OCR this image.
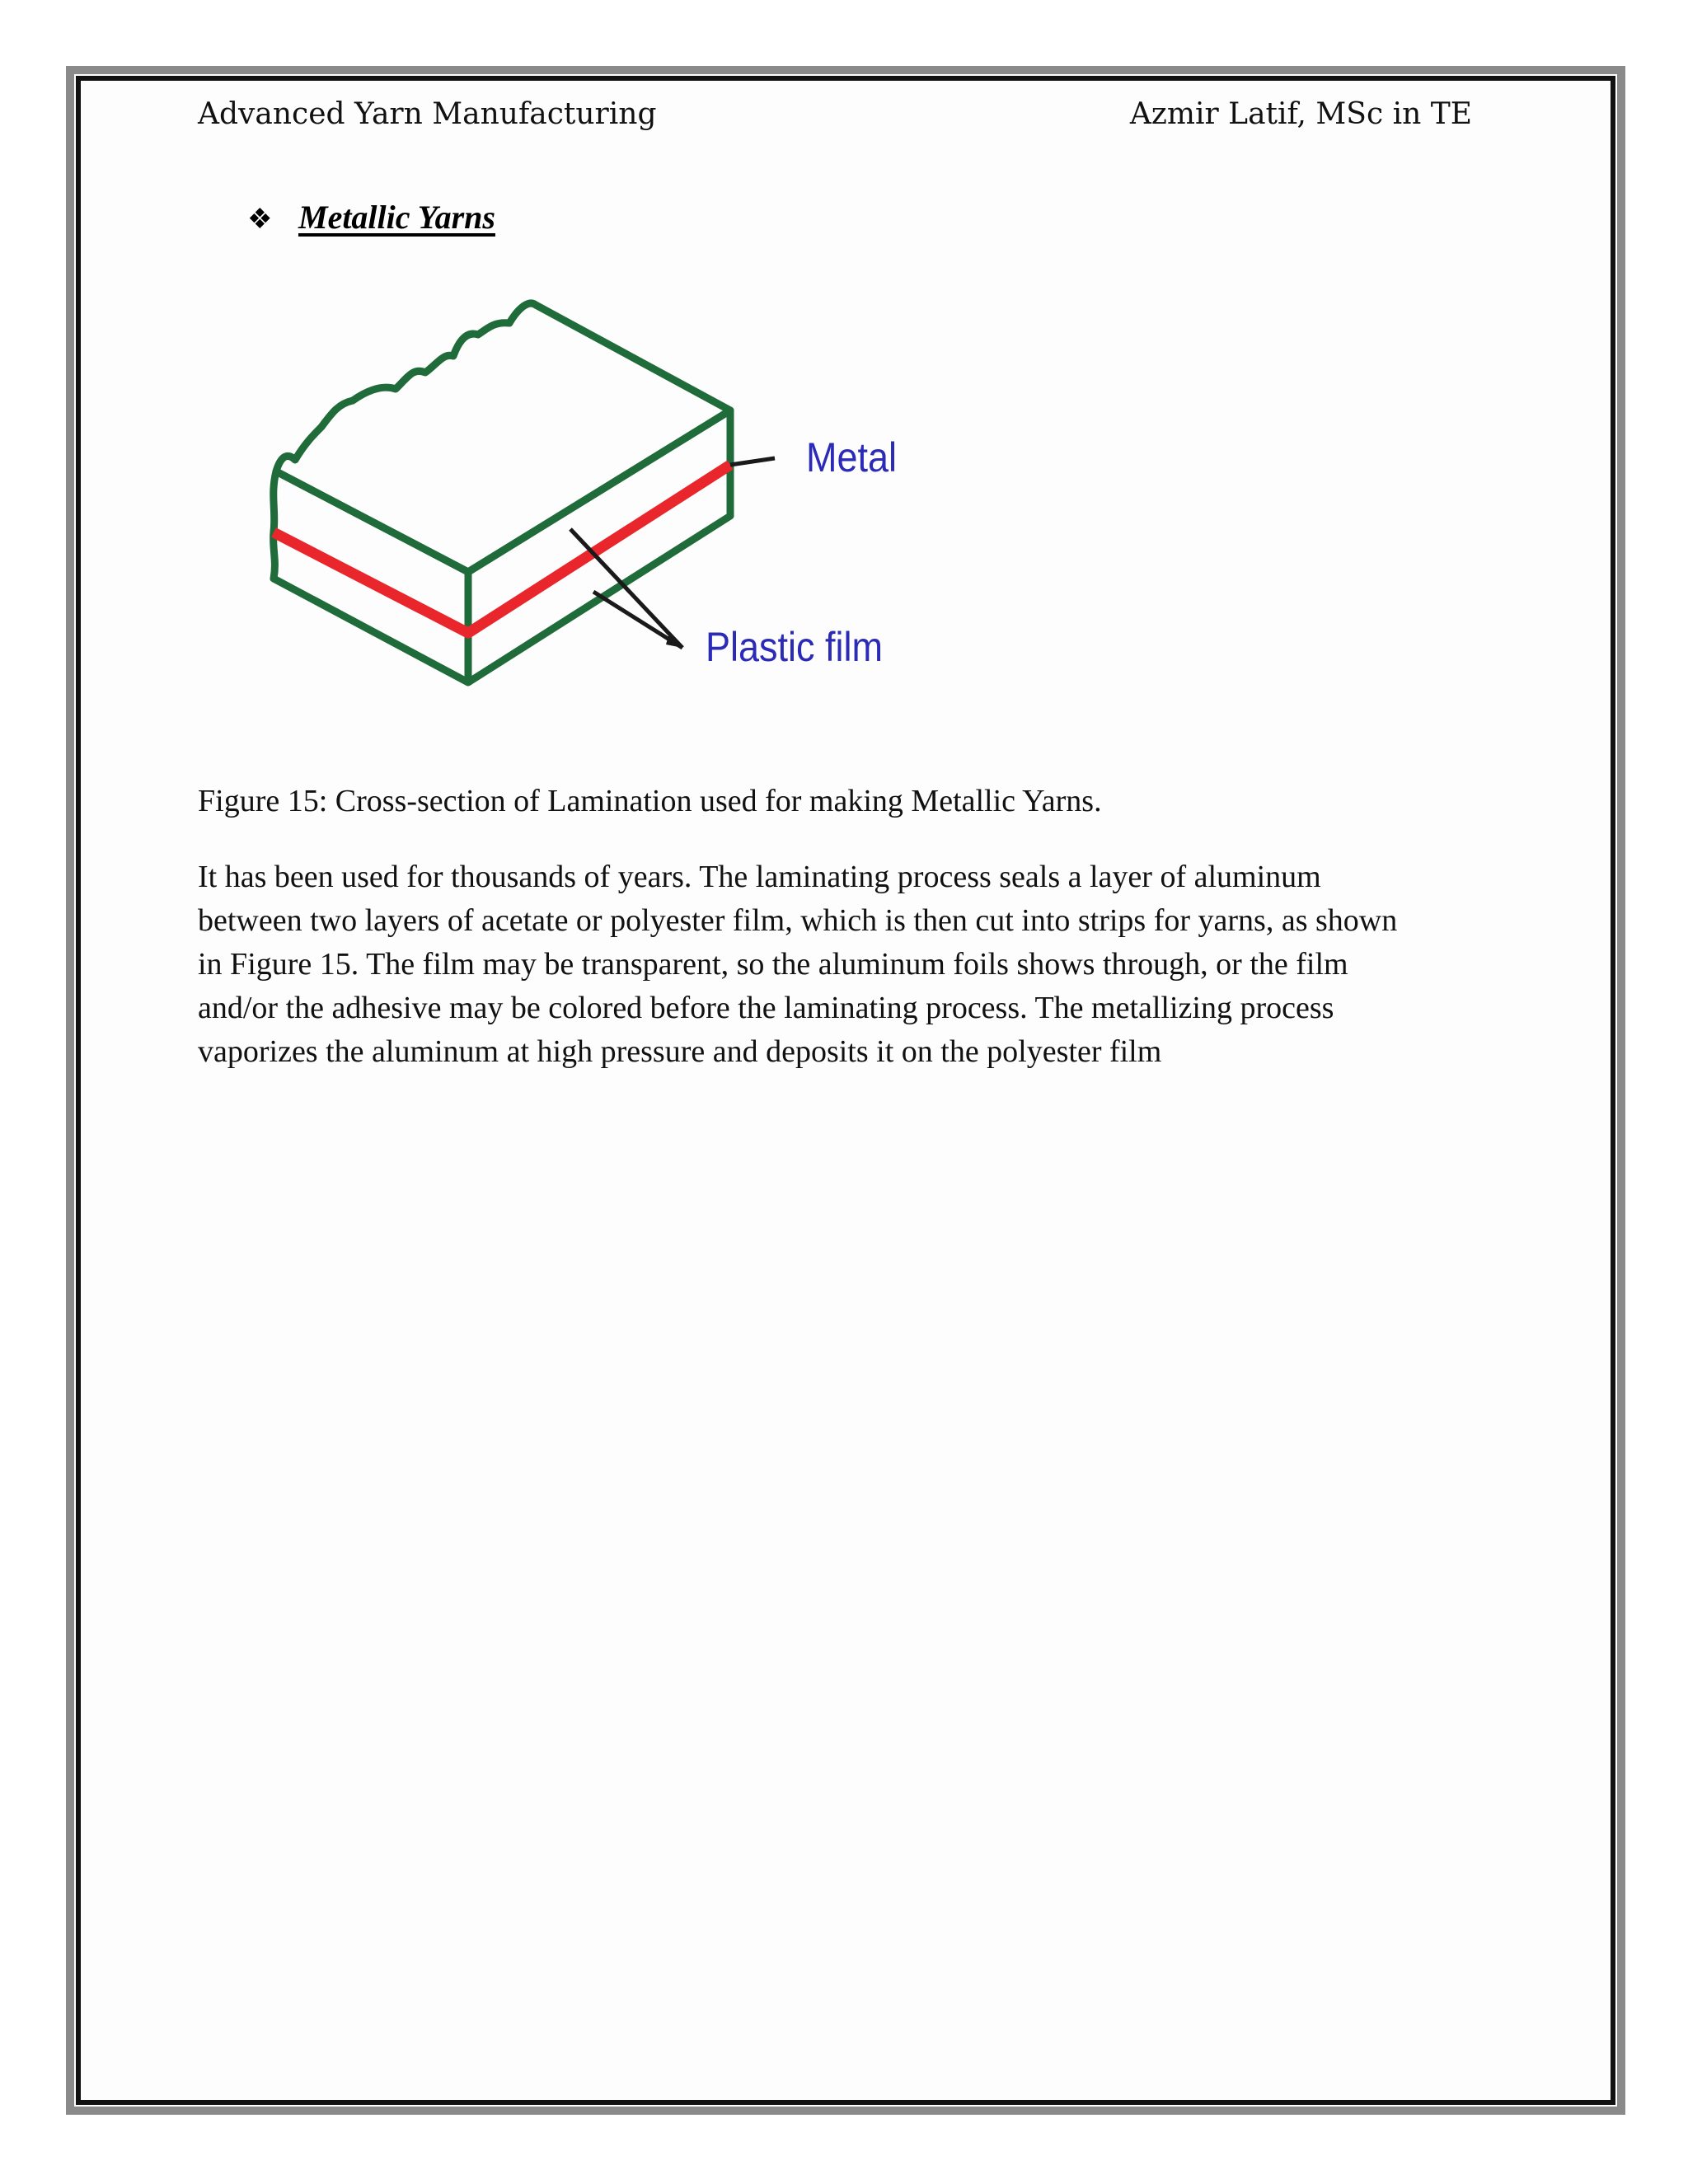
Advanced Yarn Manufacturing	Azmir Latif, MSc in TE
❖ Metallic Yarns
Metal
Plastic film
Figure 15: Cross-section of Lamination used for making Metallic Yarns.
It has been used for thousands of years. The laminating process seals a layer of aluminum
between two layers of acetate or polyester film, which is then cut into strips for yarns, as shown
in Figure 15. The film may be transparent, so the aluminum foils shows through, or the film
and/or the adhesive may be colored before the laminating process. The metallizing process
vaporizes the aluminum at high pressure and deposits it on the polyester film
